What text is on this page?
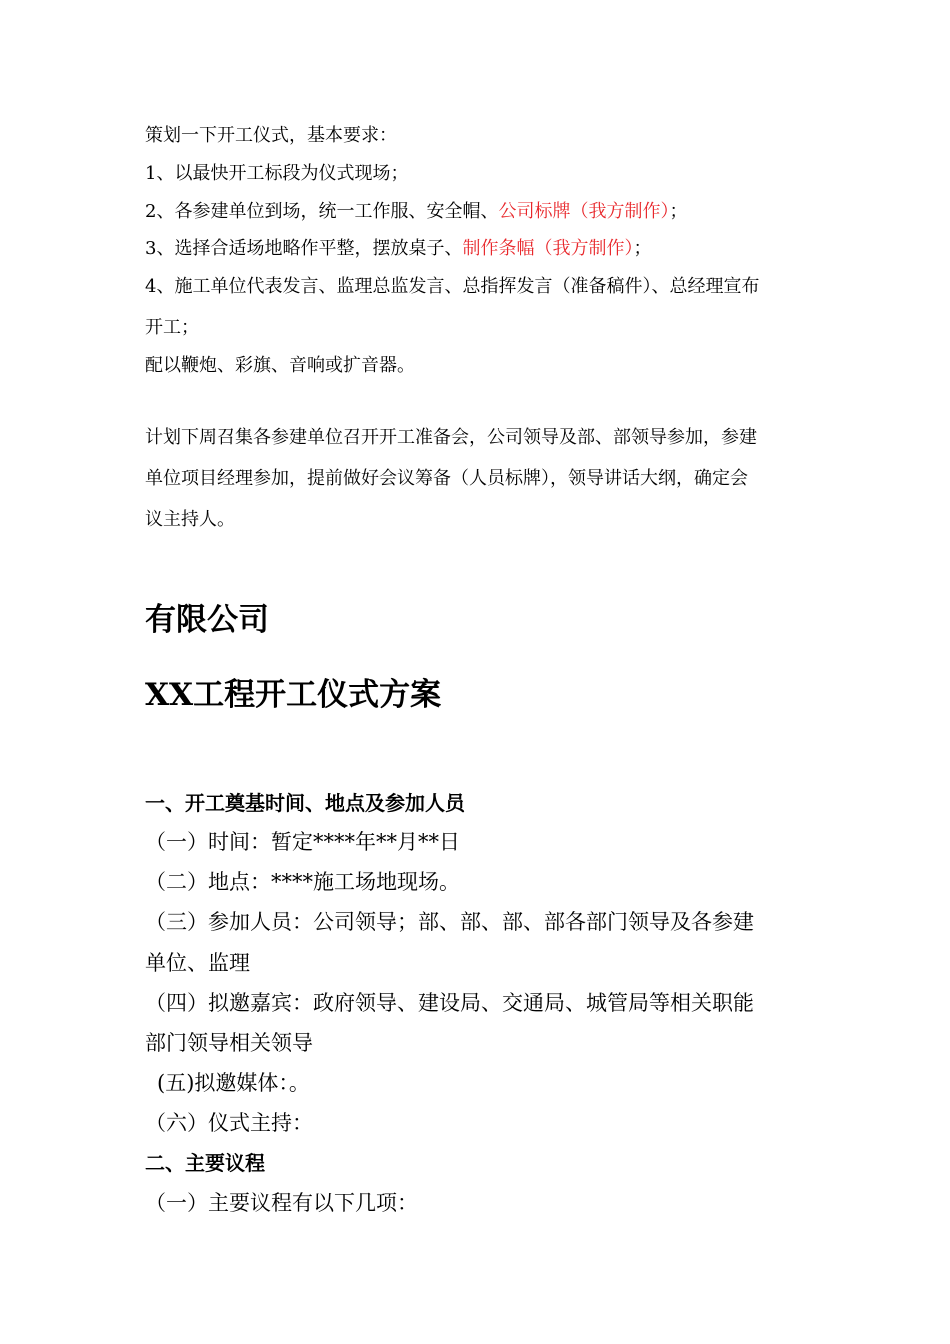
策划一下开工仪式，基本要求：
1、以最快开工标段为仪式现场；
2、各参建单位到场，统一工作服、安全帽、公司标牌（我方制作）；
3、选择合适场地略作平整，摆放桌子、制作条幅（我方制作）；
4、施工单位代表发言、监理总监发言、总指挥发言（准备稿件）、总经理宣布
开工；
配以鞭炮、彩旗、音响或扩音器。
计划下周召集各参建单位召开开工准备会，公司领导及部、部领导参加，参建
单位项目经理参加，提前做好会议筹备（人员标牌），领导讲话大纲，确定会
议主持人。
有限公司
XX工程开工仪式方案
一、开工奠基时间、地点及参加人员
（一）时间：暂定****年**月**日
（二）地点：****施工场地现场。
（三）参加人员：公司领导；部、部、部、部各部门领导及各参建
单位、监理
（四）拟邀嘉宾：政府领导、建设局、交通局、城管局等相关职能
部门领导相关领导
(五)拟邀媒体：。
（六）仪式主持：
二、主要议程
（一）主要议程有以下几项：
